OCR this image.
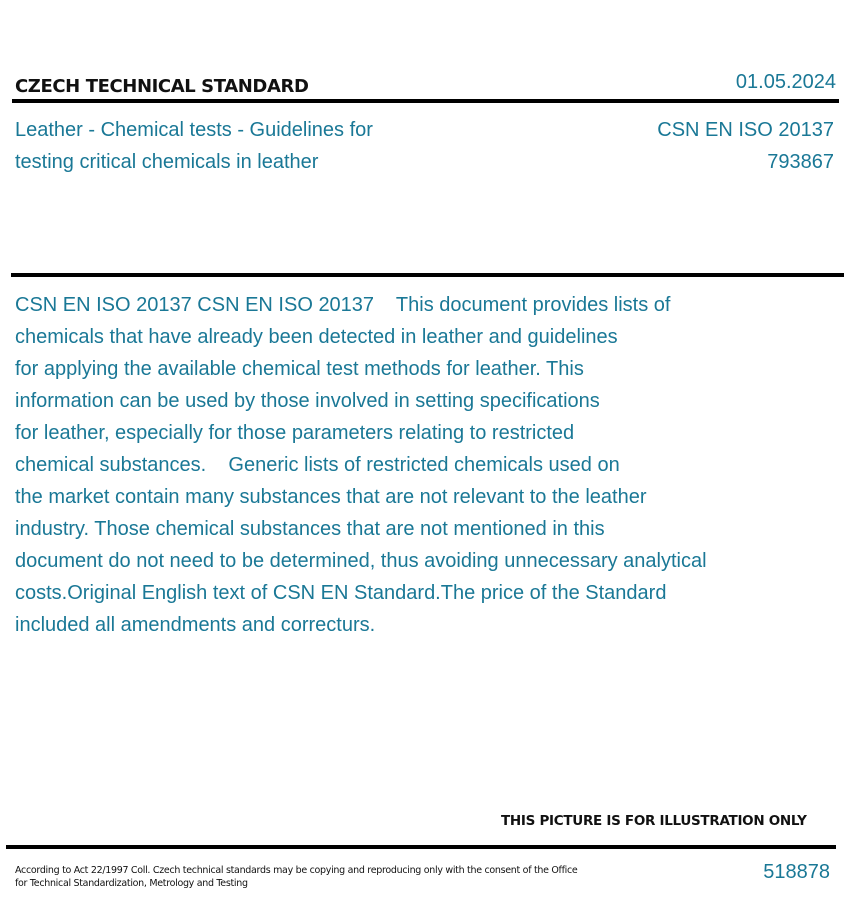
CZECH TECHNICAL STANDARD	01.05.2024
Leather - Chemical tests - Guidelines for
testing critical chemicals in leather
CSN EN ISO 20137
793867
CSN EN ISO 20137 CSN EN ISO 20137    This document provides lists of
chemicals that have already been detected in leather and guidelines
for applying the available chemical test methods for leather. This
information can be used by those involved in setting specifications
for leather, especially for those parameters relating to restricted
chemical substances.    Generic lists of restricted chemicals used on
the market contain many substances that are not relevant to the leather
industry. Those chemical substances that are not mentioned in this
document do not need to be determined, thus avoiding unnecessary analytical
costs.Original English text of CSN EN Standard.The price of the Standard
included all amendments and correcturs.
THIS PICTURE IS FOR ILLUSTRATION ONLY
According to Act 22/1997 Coll. Czech technical standards may be copying and reproducing only with the consent of the Office
for Technical Standardization, Metrology and Testing
518878
